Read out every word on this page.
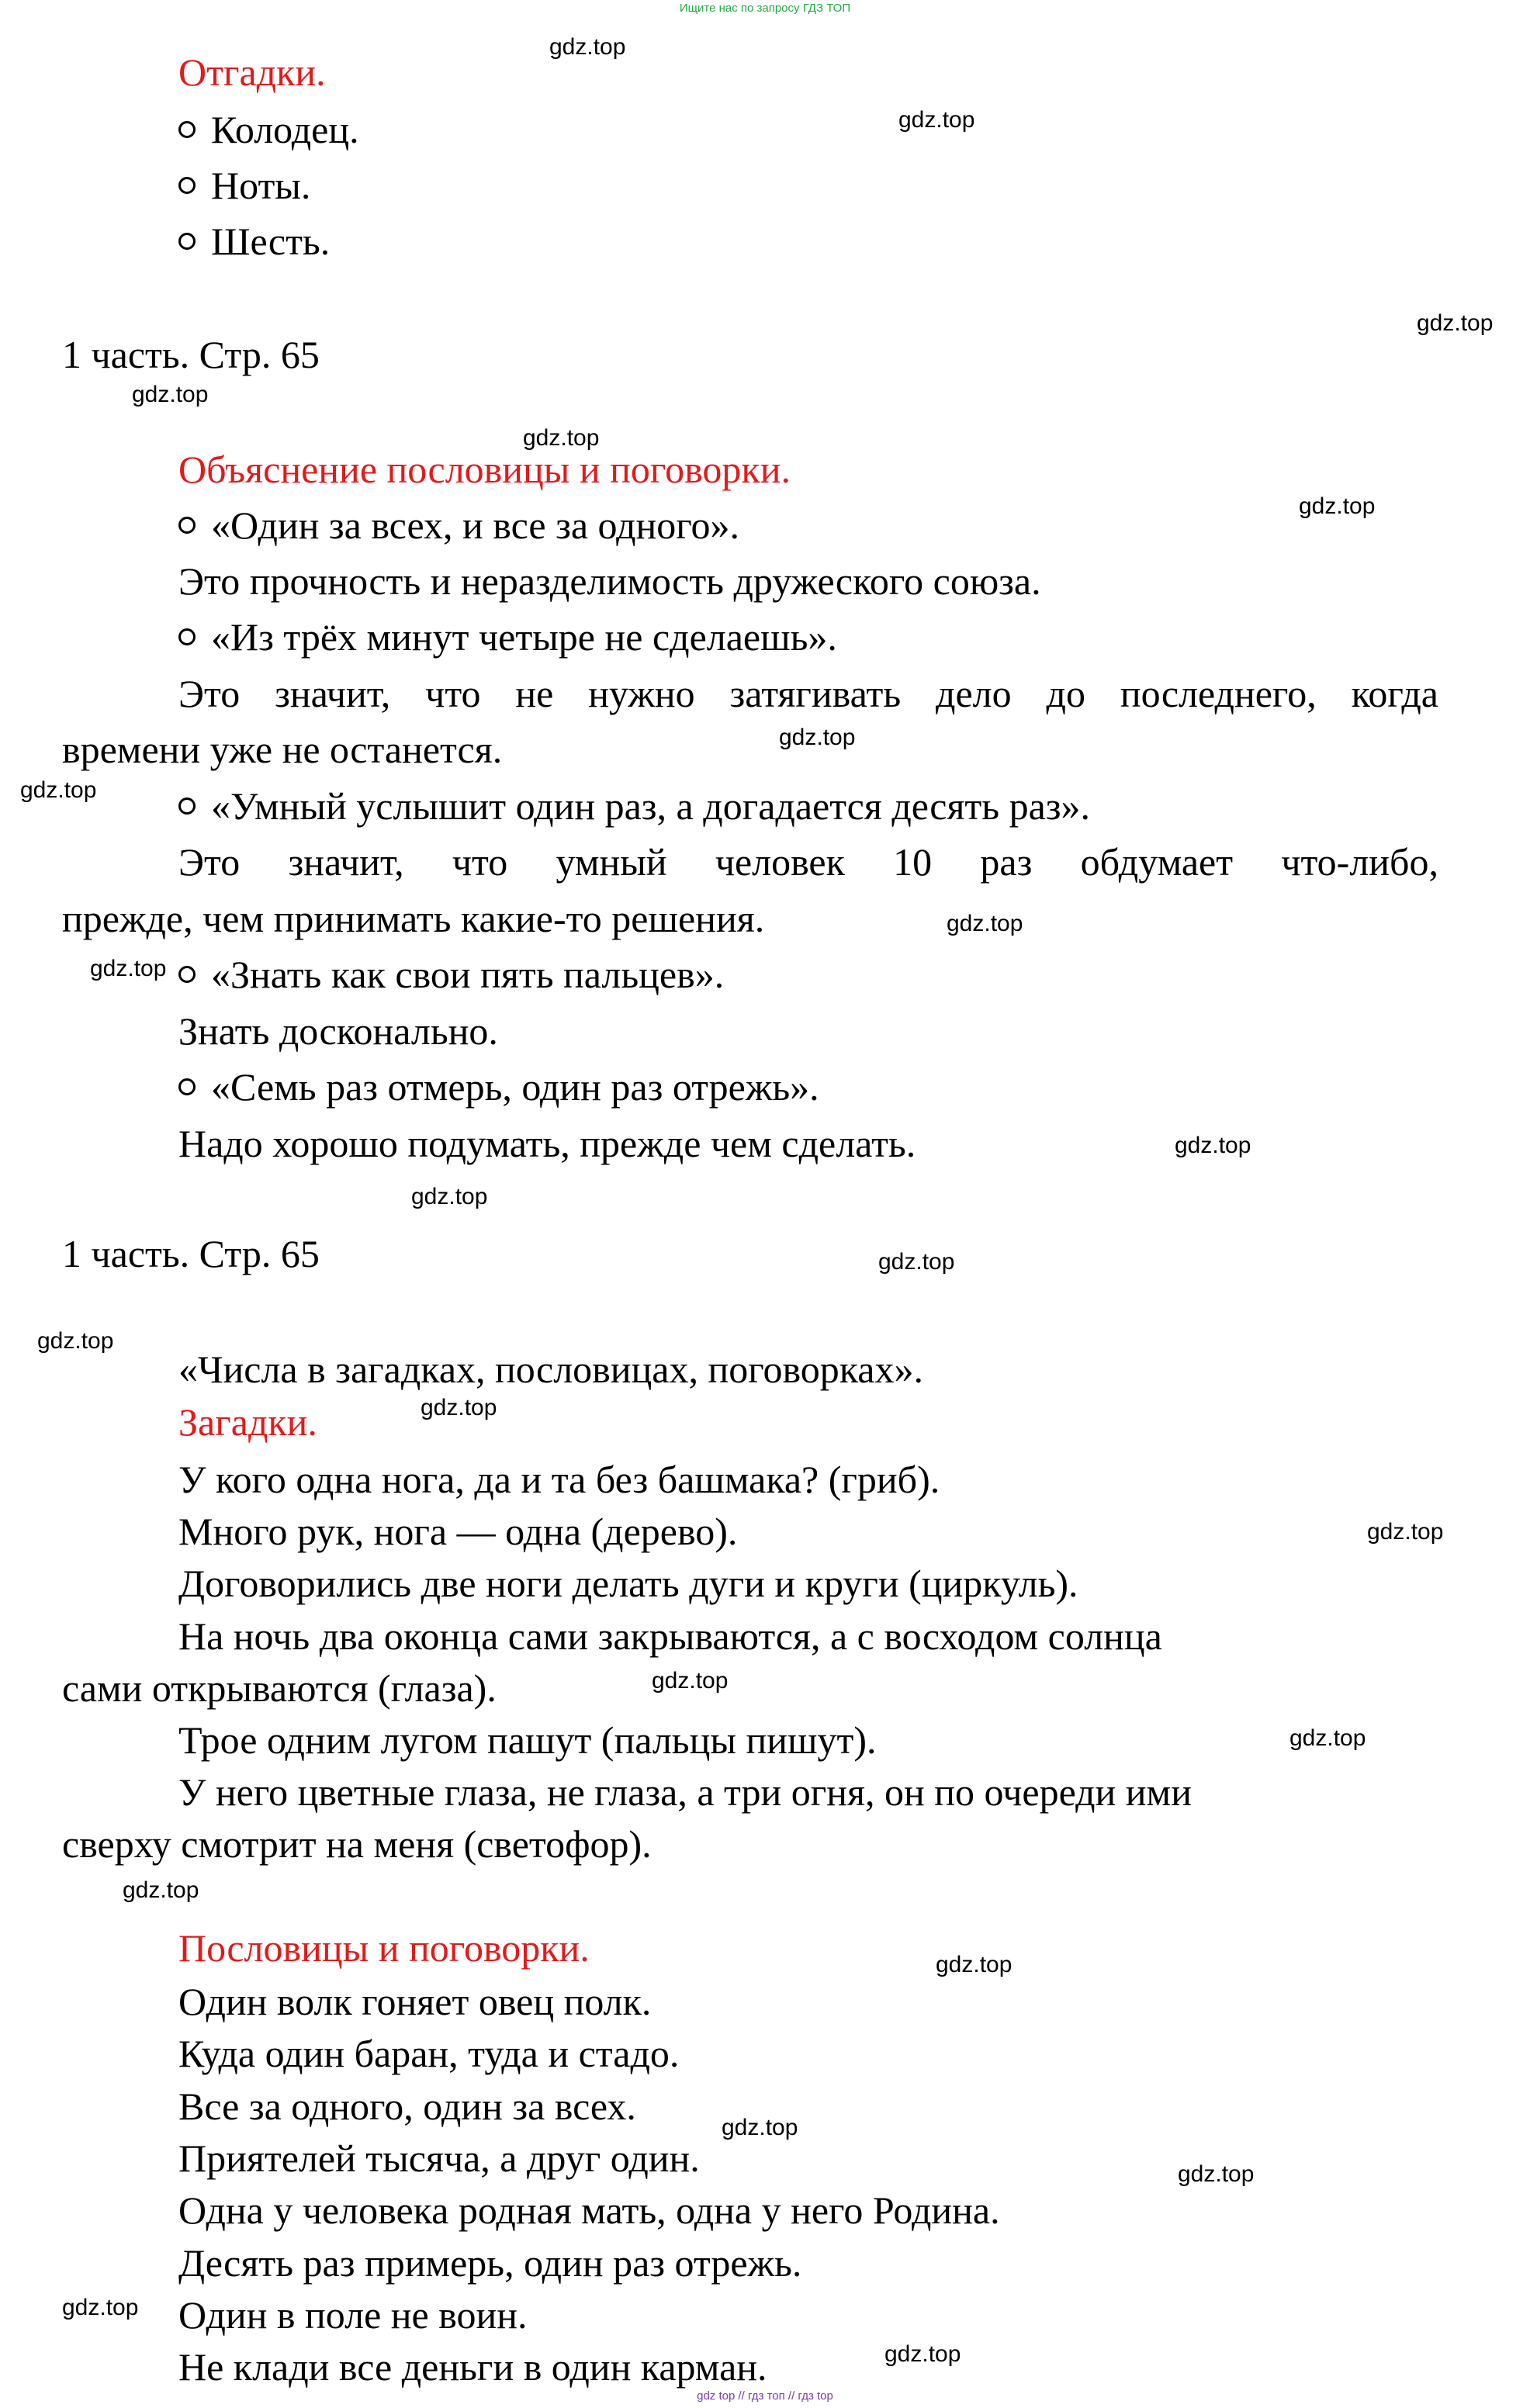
Ищите нас по запросу ГДЗ ТОП
Отгадки.
Колодец.
Ноты.
Шесть.
1 часть. Стр. 65
Объяснение пословицы и поговорки.
«Один за всех, и все за одного».
Это прочность и неразделимость дружеского союза.
«Из трёх минут четыре не сделаешь».
Это значит, что не нужно затягивать дело до последнего, когда
времени уже не останется.
«Умный услышит один раз, а догадается десять раз».
Это значит, что умный человек 10 раз обдумает что-либо,
прежде, чем принимать какие-то решения.
«Знать как свои пять пальцев».
Знать досконально.
«Семь раз отмерь, один раз отрежь».
Надо хорошо подумать, прежде чем сделать.
1 часть. Стр. 65
«Числа в загадках, пословицах, поговорках».
Загадки.
У кого одна нога, да и та без башмака? (гриб).
Много рук, нога — одна (дерево).
Договорились две ноги делать дуги и круги (циркуль).
На ночь два оконца сами закрываются, а с восходом солнца
сами открываются (глаза).
Трое одним лугом пашут (пальцы пишут).
У него цветные глаза, не глаза, а три огня, он по очереди ими
сверху смотрит на меня (светофор).
Пословицы и поговорки.
Один волк гоняет овец полк.
Куда один баран, туда и стадо.
Все за одного, один за всех.
Приятелей тысяча, а друг один.
Одна у человека родная мать, одна у него Родина.
Десять раз примерь, один раз отрежь.
Один в поле не воин.
Не клади все деньги в один карман.
gdz.top
gdz.top
gdz.top
gdz.top
gdz.top
gdz.top
gdz.top
gdz.top
gdz.top
gdz.top
gdz.top
gdz.top
gdz.top
gdz.top
gdz.top
gdz.top
gdz.top
gdz.top
gdz.top
gdz.top
gdz.top
gdz.top
gdz.top
gdz.top
gdz top // гдз топ // гдз top
